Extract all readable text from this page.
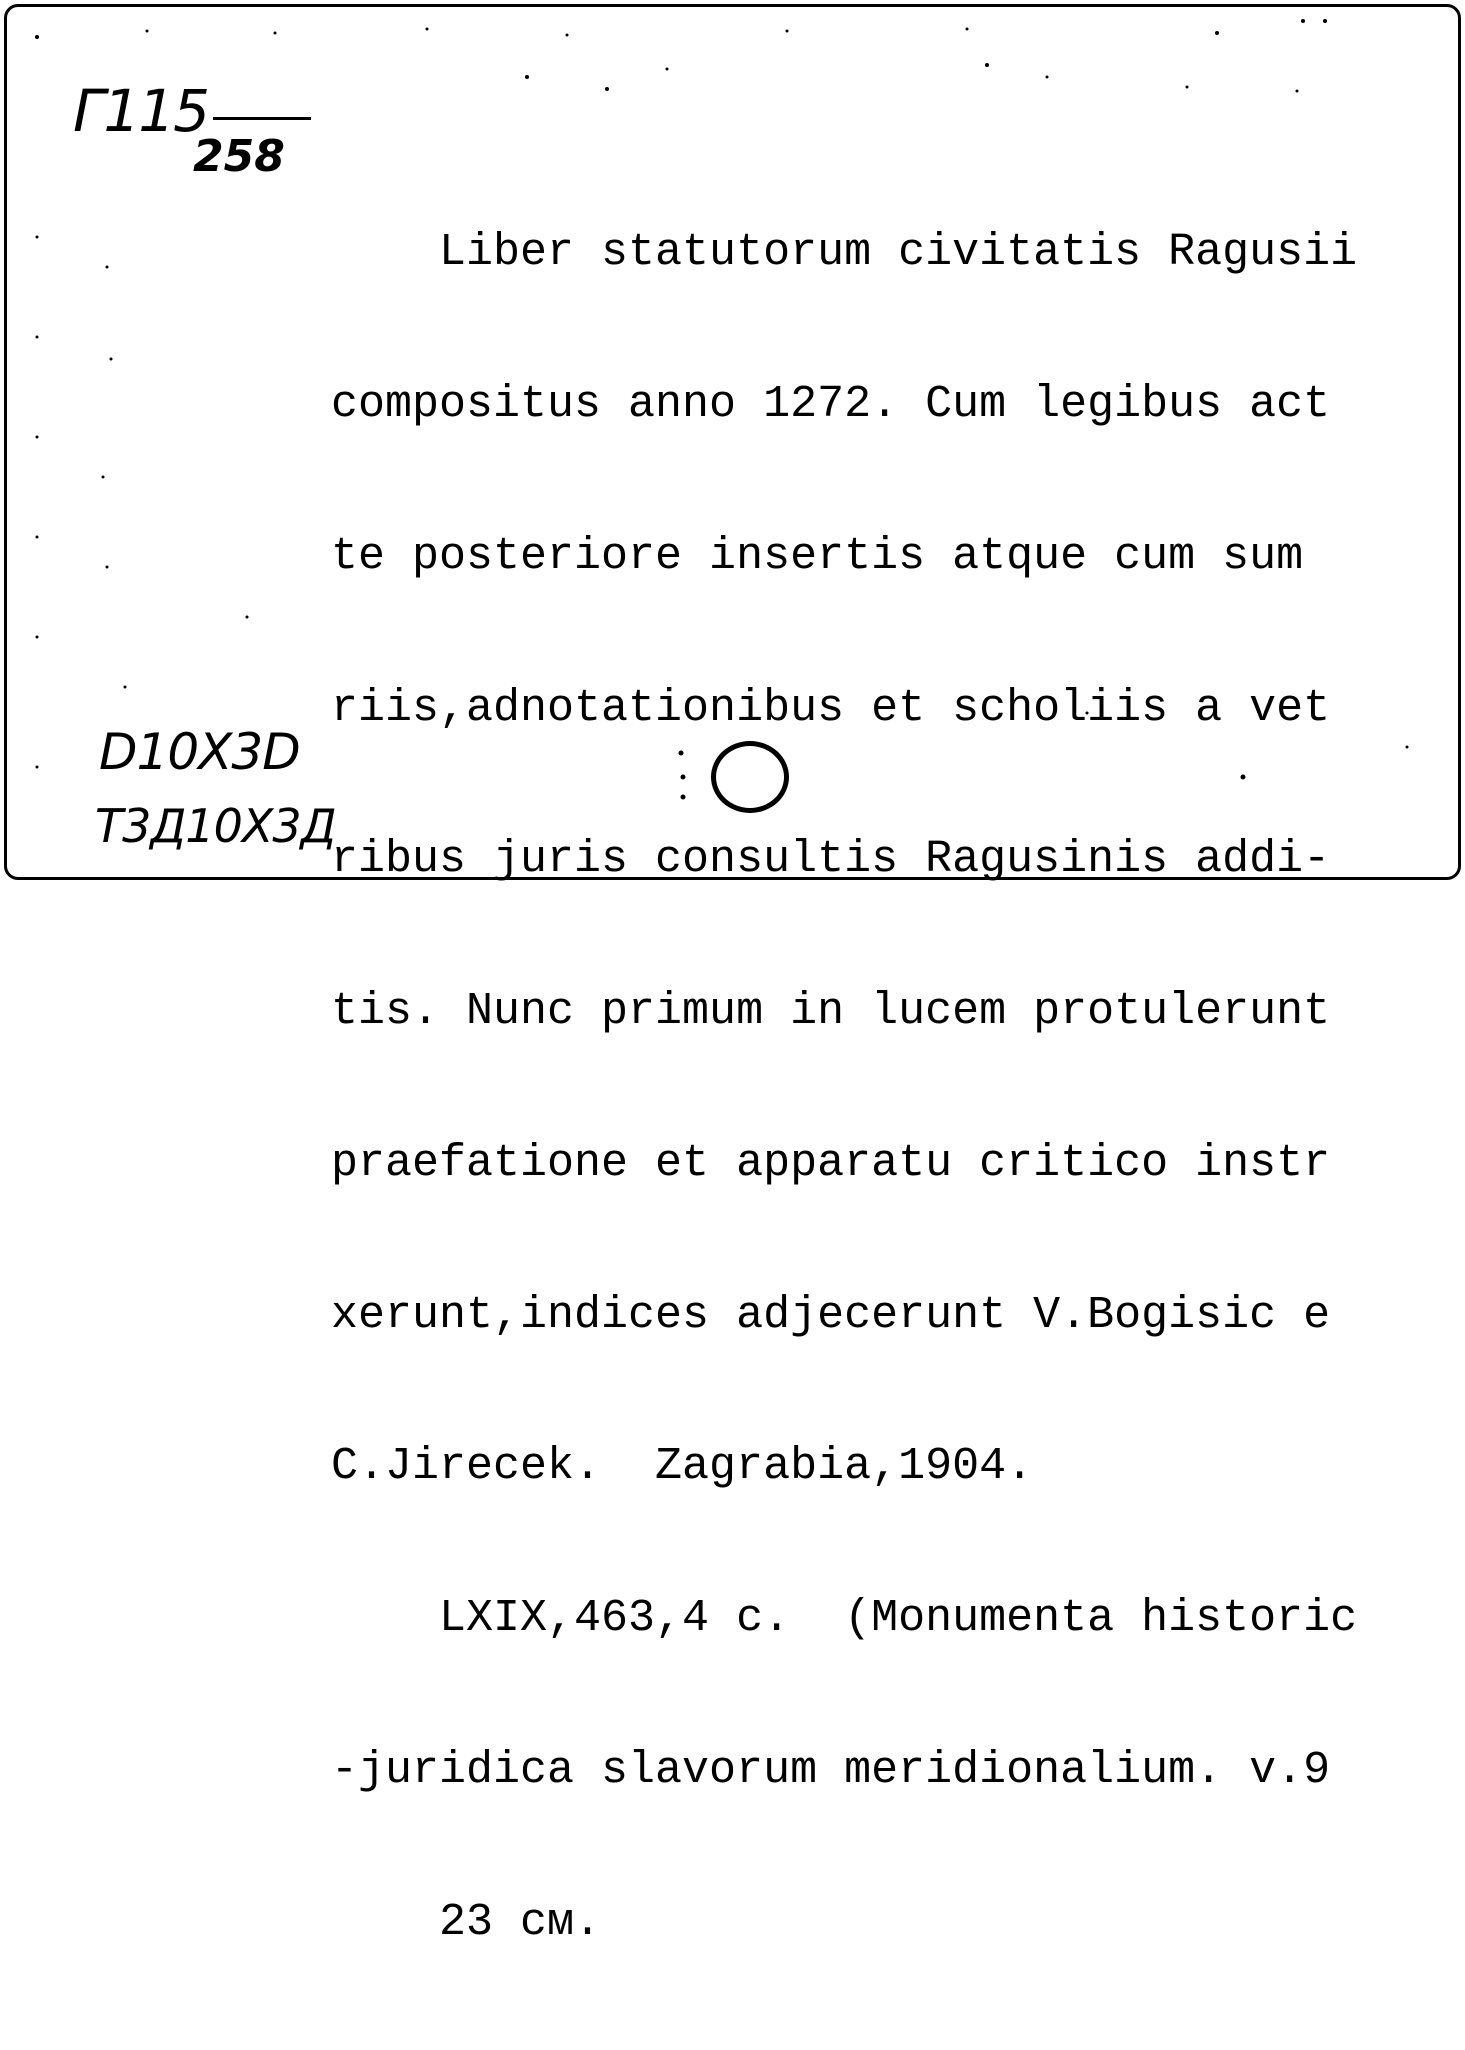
Г115
258

Liber statutorum civitatis Ragusii

compositus anno 1272. Cum legibus act

te posteriore insertis atque cum sum

riis,adnotationibus et scholiis a vet

ribus juris consultis Ragusinis addi-

tis. Nunc primum in lucem protulerunt

praefatione et apparatu critico instr

xerunt,indices adjecerunt V.Bogisic e

C.Jirecek.  Zagrabia,1904.

LXIX,463,4 c.  (Monumenta historic

-juridica slavorum meridionalium. v.9

23 см.

D10X3D
T3Д10X3Д
